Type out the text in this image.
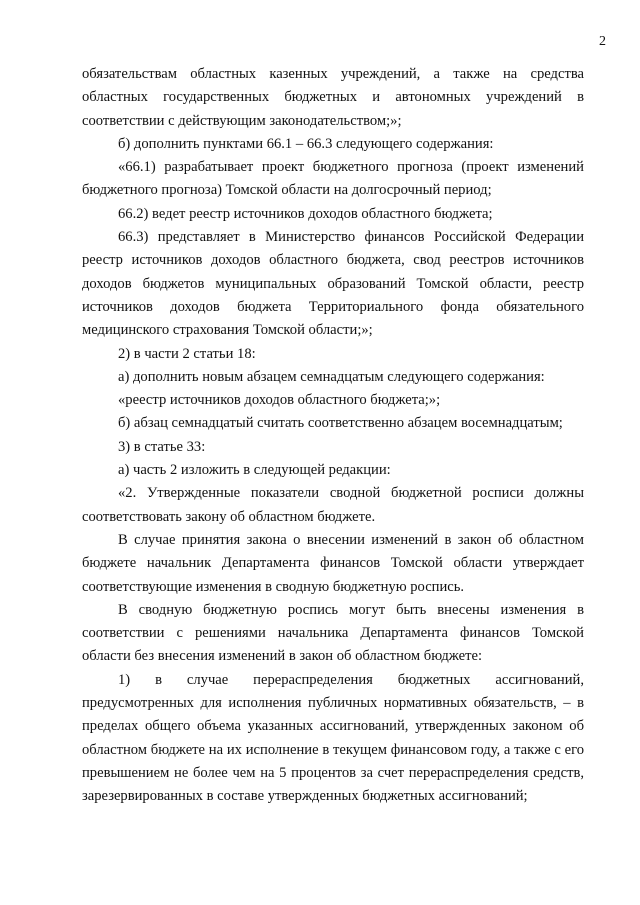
2

обязательствам областных казенных учреждений, а также на средства областных государственных бюджетных и автономных учреждений в соответствии с действующим законодательством;»;

б) дополнить пунктами 66.1 – 66.3 следующего содержания:

«66.1) разрабатывает проект бюджетного прогноза (проект изменений бюджетного прогноза) Томской области на долгосрочный период;

66.2) ведет реестр источников доходов областного бюджета;

66.3) представляет в Министерство финансов Российской Федерации реестр источников доходов областного бюджета, свод реестров источников доходов бюджетов муниципальных образований Томской области, реестр источников доходов бюджета Территориального фонда обязательного медицинского страхования Томской области;»;

2) в части 2 статьи 18:

а) дополнить новым абзацем семнадцатым следующего содержания:

«реестр источников доходов областного бюджета;»;

б) абзац семнадцатый считать соответственно абзацем восемнадцатым;

3) в статье 33:

а) часть 2 изложить в следующей редакции:

«2. Утвержденные показатели сводной бюджетной росписи должны соответствовать закону об областном бюджете.

В случае принятия закона о внесении изменений в закон об областном бюджете начальник Департамента финансов Томской области утверждает соответствующие изменения в сводную бюджетную роспись.

В сводную бюджетную роспись могут быть внесены изменения в соответствии с решениями начальника Департамента финансов Томской области без внесения изменений в закон об областном бюджете:

1) в случае перераспределения бюджетных ассигнований, предусмотренных для исполнения публичных нормативных обязательств, – в пределах общего объема указанных ассигнований, утвержденных законом об областном бюджете на их исполнение в текущем финансовом году, а также с его превышением не более чем на 5 процентов за счет перераспределения средств, зарезервированных в составе утвержденных бюджетных ассигнований;
